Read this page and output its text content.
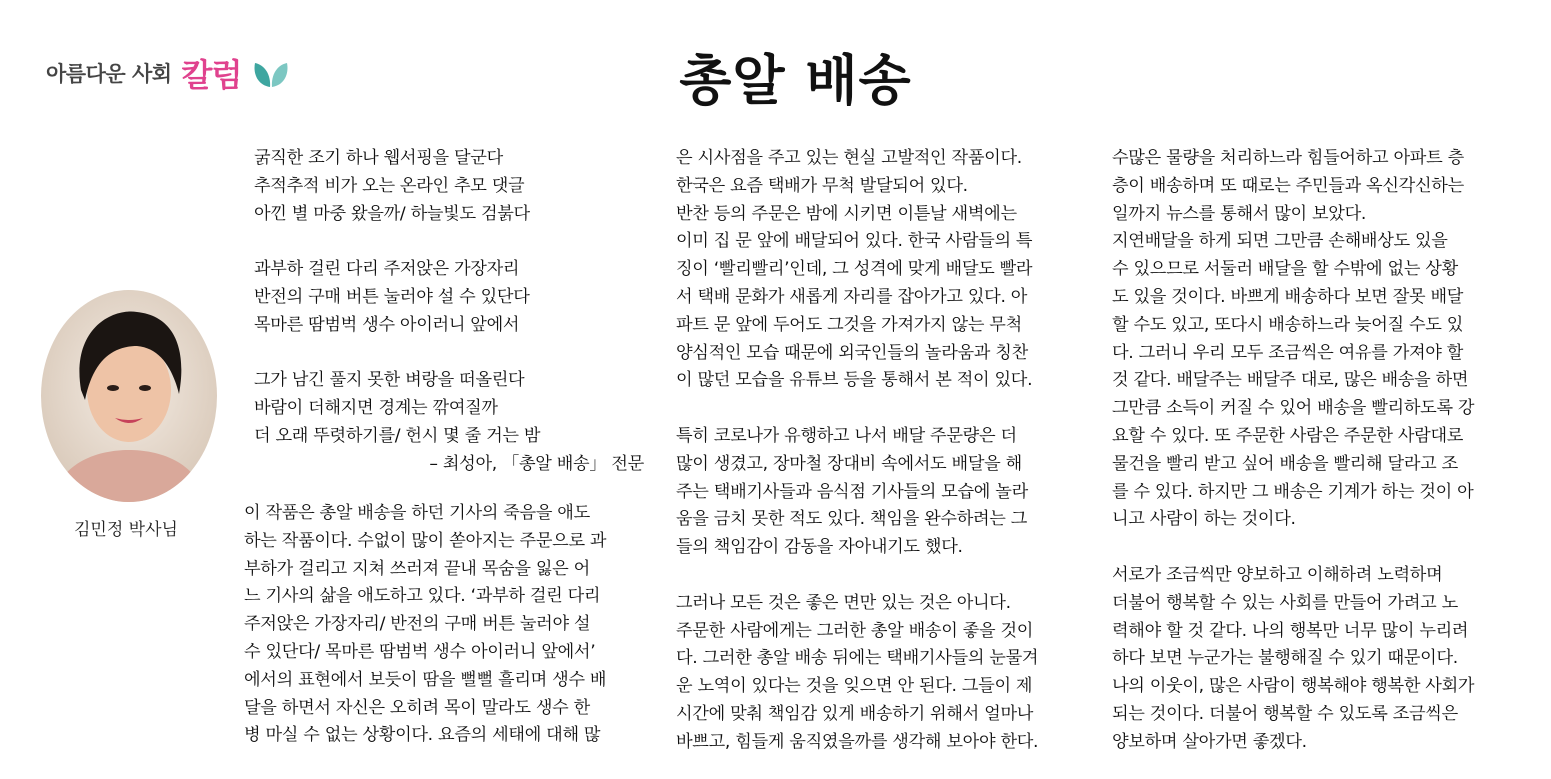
아름다운 사회 칼럼	총알 배송
김민정 박사님

굵직한 조기 하나 웹서핑을 달군다

추적추적 비가 오는 온라인 추모 댓글

아낀 별 마중 왔을까/ 하늘빛도 검붉다

과부하 걸린 다리 주저앉은 가장자리

반전의 구매 버튼 눌러야 설 수 있단다

목마른 땀범벅 생수 아이러니 앞에서

그가 남긴 풀지 못한 벼랑을 떠올린다

바람이 더해지면 경계는 깎여질까

더 오래 뚜렷하기를/ 헌시 몇 줄 거는 밤

– 최성아, 「총알 배송」 전문

이 작품은 총알 배송을 하던 기사의 죽음을 애도

하는 작품이다. 수없이 많이 쏟아지는 주문으로 과

부하가 걸리고 지쳐 쓰러져 끝내 목숨을 잃은 어

느 기사의 삶을 애도하고 있다. ‘과부하 걸린 다리

주저앉은 가장자리/ 반전의 구매 버튼 눌러야 설

수 있단다/ 목마른 땀범벅 생수 아이러니 앞에서’

에서의 표현에서 보듯이 땀을 뻘뻘 흘리며 생수 배

달을 하면서 자신은 오히려 목이 말라도 생수 한

병 마실 수 없는 상황이다. 요즘의 세태에 대해 많

은 시사점을 주고 있는 현실 고발적인 작품이다.

한국은 요즘 택배가 무척 발달되어 있다.

반찬 등의 주문은 밤에 시키면 이튿날 새벽에는

이미 집 문 앞에 배달되어 있다. 한국 사람들의 특

징이 ‘빨리빨리’인데, 그 성격에 맞게 배달도 빨라

서 택배 문화가 새롭게 자리를 잡아가고 있다. 아

파트 문 앞에 두어도 그것을 가져가지 않는 무척

양심적인 모습 때문에 외국인들의 놀라움과 칭찬

이 많던 모습을 유튜브 등을 통해서 본 적이 있다.

특히 코로나가 유행하고 나서 배달 주문량은 더

많이 생겼고, 장마철 장대비 속에서도 배달을 해

주는 택배기사들과 음식점 기사들의 모습에 놀라

움을 금치 못한 적도 있다. 책임을 완수하려는 그

들의 책임감이 감동을 자아내기도 했다.

그러나 모든 것은 좋은 면만 있는 것은 아니다.

주문한 사람에게는 그러한 총알 배송이 좋을 것이

다. 그러한 총알 배송 뒤에는 택배기사들의 눈물겨

운 노역이 있다는 것을 잊으면 안 된다. 그들이 제

시간에 맞춰 책임감 있게 배송하기 위해서 얼마나

바쁘고, 힘들게 움직였을까를 생각해 보아야 한다.

수많은 물량을 처리하느라 힘들어하고 아파트 층

층이 배송하며 또 때로는 주민들과 옥신각신하는

일까지 뉴스를 통해서 많이 보았다.

지연배달을 하게 되면 그만큼 손해배상도 있을

수 있으므로 서둘러 배달을 할 수밖에 없는 상황

도 있을 것이다. 바쁘게 배송하다 보면 잘못 배달

할 수도 있고, 또다시 배송하느라 늦어질 수도 있

다. 그러니 우리 모두 조금씩은 여유를 가져야 할

것 같다. 배달주는 배달주 대로, 많은 배송을 하면

그만큼 소득이 커질 수 있어 배송을 빨리하도록 강

요할 수 있다. 또 주문한 사람은 주문한 사람대로

물건을 빨리 받고 싶어 배송을 빨리해 달라고 조

를 수 있다. 하지만 그 배송은 기계가 하는 것이 아

니고 사람이 하는 것이다.

서로가 조금씩만 양보하고 이해하려 노력하며

더불어 행복할 수 있는 사회를 만들어 가려고 노

력해야 할 것 같다. 나의 행복만 너무 많이 누리려

하다 보면 누군가는 불행해질 수 있기 때문이다.

나의 이웃이, 많은 사람이 행복해야 행복한 사회가

되는 것이다. 더불어 행복할 수 있도록 조금씩은

양보하며 살아가면 좋겠다.
